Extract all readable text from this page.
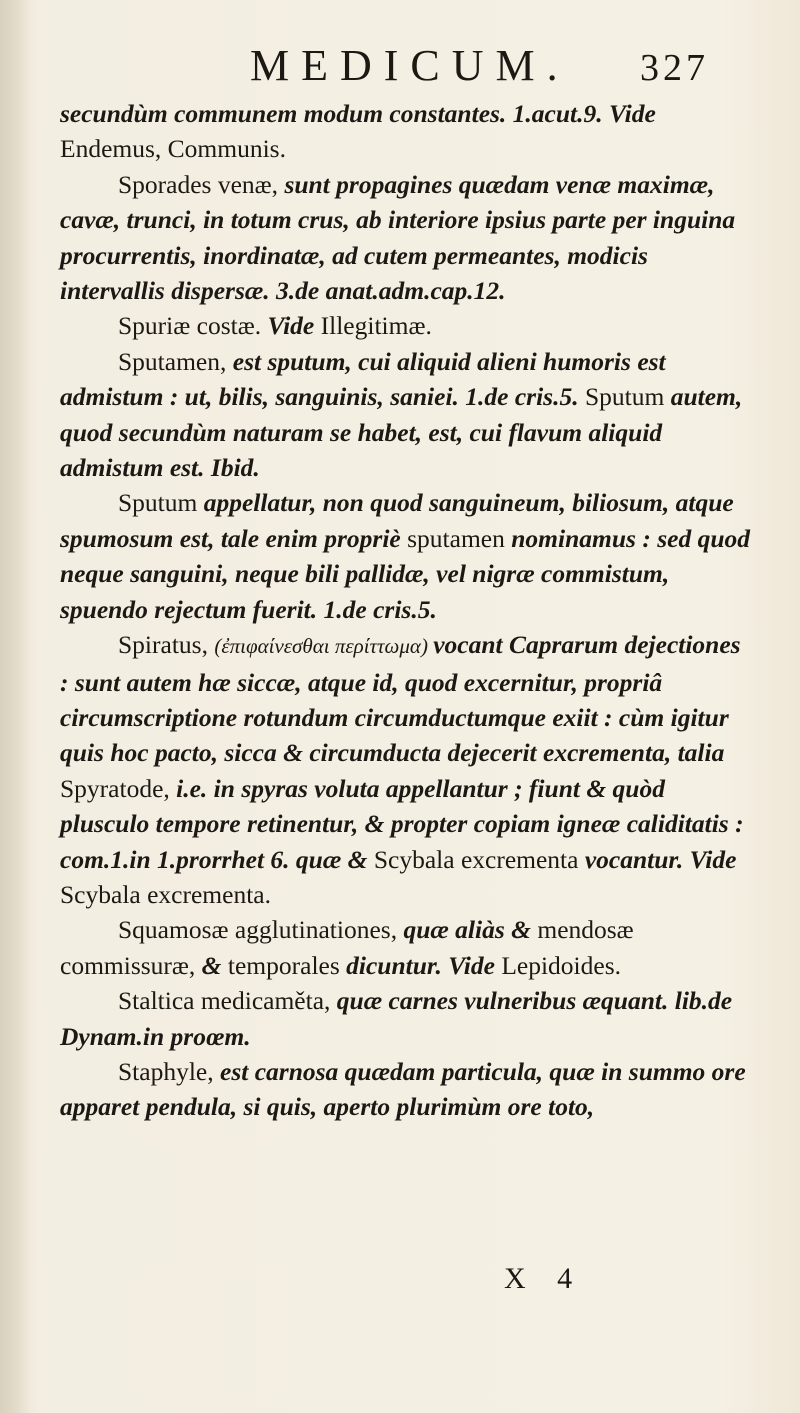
MEDICUM. 327

secundùm communem modum constantes. 1.acut.9. Vide Endemus, Communis.

Sporades venæ, sunt propagines quædam venæ maximæ, cavæ, trunci, in totum crus, ab interiore ipsius parte per inguina procurrentis, inordinatæ, ad cutem permeantes, modicis intervallis dispersæ. 3.de anat.adm.cap.12.

Spuriæ costæ. Vide Illegitimæ.

Sputamen, est sputum, cui aliquid alieni humoris est admistum : ut, bilis, sanguinis, saniei. 1.de cris.5. Sputum autem, quod secundùm naturam se habet, est, cui flavum aliquid admistum est. Ibid.

Sputum appellatur, non quod sanguineum, biliosum, atque spumosum est, tale enim propriè sputamen nominamus : sed quod neque sanguini, neque bili pallidæ, vel nigræ commistum, spuendo rejectum fuerit. 1.de cris.5.

Spiratus, (ἐπιφαίνεσθαι περίττωμα) vocant Caprarum dejectiones : sunt autem hæ siccæ, atque id, quod excernitur, propriâ circumscriptione rotundum circumductumque exiit : cùm igitur quis hoc pacto, sicca & circumducta dejecerit excrementa, talia Spyratode, i.e. in spyras voluta appellantur ; fiunt & quòd plusculo tempore retinentur, & propter copiam igneæ caliditatis : com.1.in 1.prorrhet 6. quæ & Scybala excrementa vocantur. Vide Scybala excrementa.

Squamosæ agglutinationes, quæ aliàs & mendosæ commissuræ, & temporales dicuntur. Vide Lepidoides.

Staltica medicaměta, quæ carnes vulneribus æquant. lib.de Dynam.in proœm.

Staphyle, est carnosa quædam particula, quæ in summo ore apparet pendula, si quis, aperto plurimùm ore toto,

X 4
